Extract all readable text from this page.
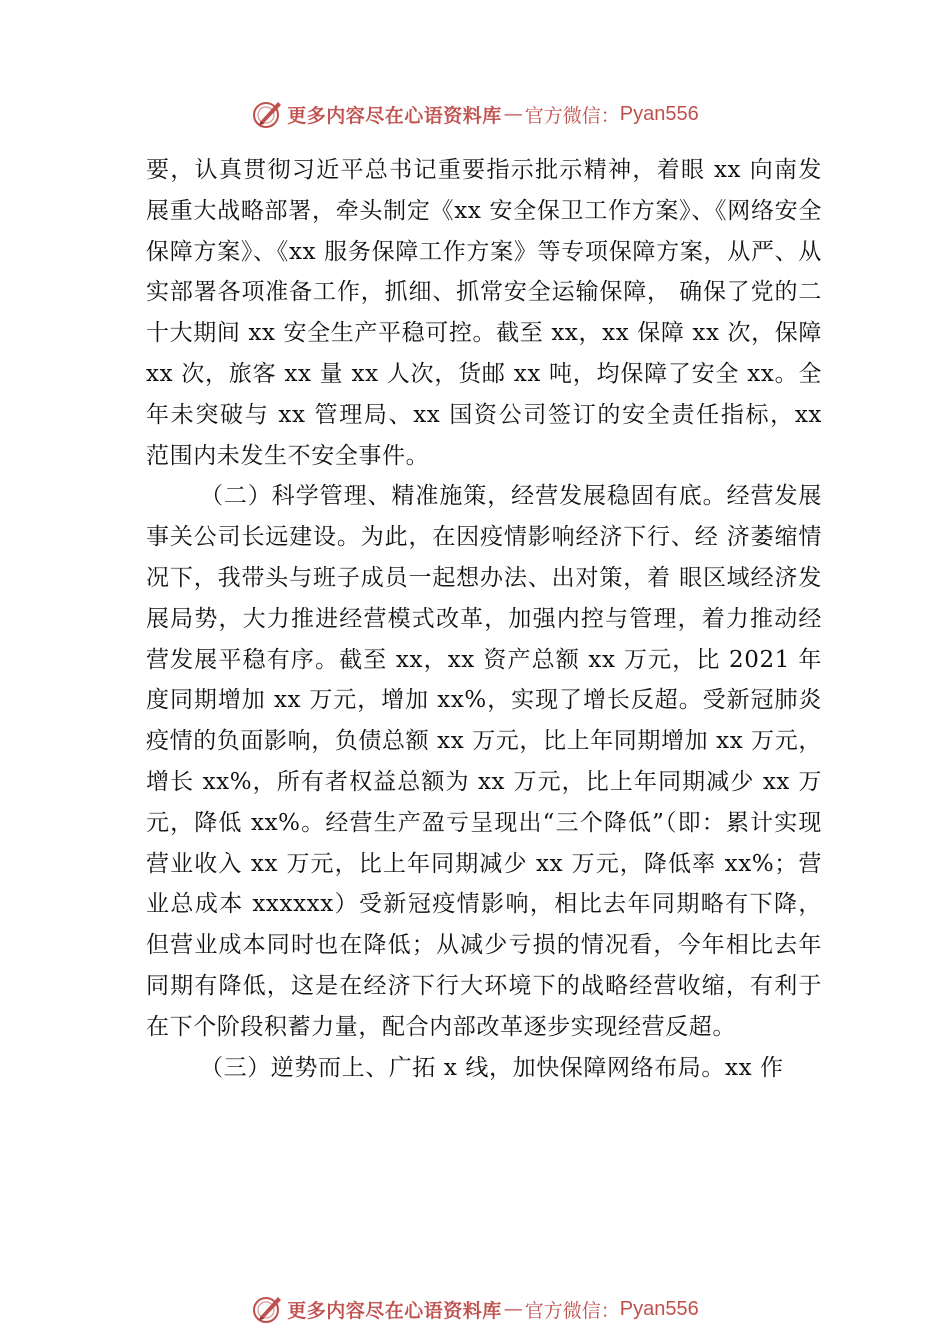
更多内容尽在心语资料库 — 官方微信： Pyan556

要，认真贯彻习近平总书记重要指示批示精神，着眼 xx 向南发展重大战略部署，牵头制定《xx 安全保卫工作方案》、《网络安全保障方案》、《xx 服务保障工作方案》等专项保障方案，从严、从实部署各项准备工作，抓细、抓常安全运输保障， 确保了党的二十大期间 xx 安全生产平稳可控。截至 xx，xx 保障 xx 次，保障 xx 次，旅客 xx 量 xx 人次，货邮 xx 吨，均保障了安全 xx。全年未突破与 xx 管理局、xx 国资公司签订的安全责任指标，xx 范围内未发生不安全事件。

（二）科学管理、精准施策，经营发展稳固有底。经营发展事关公司长远建设。为此，在因疫情影响经济下行、经 济萎缩情况下，我带头与班子成员一起想办法、出对策，着 眼区域经济发展局势，大力推进经营模式改革，加强内控与管理，着力推动经营发展平稳有序。截至 xx，xx 资产总额 xx 万元，比 2021 年度同期增加 xx 万元，增加 xx%，实现了增长反超。受新冠肺炎疫情的负面影响，负债总额 xx 万元，比上年同期增加 xx 万元，增长 xx%，所有者权益总额为 xx 万元，比上年同期减少 xx 万元，降低 xx%。经营生产盈亏呈现出“三个降低”（即：累计实现营业收入 xx 万元，比上年同期减少 xx 万元，降低率 xx%；营业总成本 xxxxxx）受新冠疫情影响，相比去年同期略有下降，但营业成本同时也在降低；从减少亏损的情况看，今年相比去年同期有降低，这是在经济下行大环境下的战略经营收缩，有利于在下个阶段积蓄力量，配合内部改革逐步实现经营反超。

（三）逆势而上、广拓 x 线，加快保障网络布局。xx 作

更多内容尽在心语资料库 — 官方微信： Pyan556
